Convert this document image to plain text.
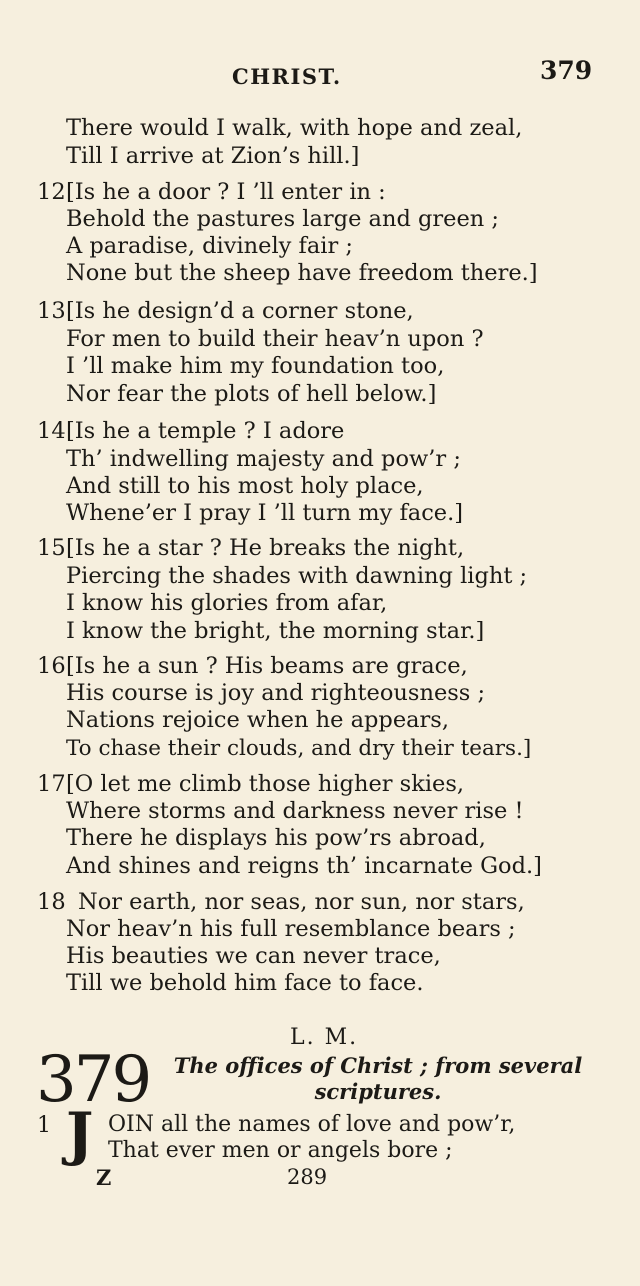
CHRIST.	379
There would I walk, with hope and zeal,
Till I arrive at Zion’s hill.]
12 [Is he a door ? I ’ll enter in :
Behold the pastures large and green ;
A paradise, divinely fair ;
None but the sheep have freedom there.]
13 [Is he design’d a corner stone,
For men to build their heav’n upon ?
I ’ll make him my foundation too,
Nor fear the plots of hell below.]
14 [Is he a temple ? I adore
Th’ indwelling majesty and pow’r ;
And still to his most holy place,
Whene’er I pray I ’ll turn my face.]
15 [Is he a star ? He breaks the night,
Piercing the shades with dawning light ;
I know his glories from afar,
I know the bright, the morning star.]
16 [Is he a sun ? His beams are grace,
His course is joy and righteousness ;
Nations rejoice when he appears,
To chase their clouds, and dry their tears.]
17 [O let me climb those higher skies,
Where storms and darkness never rise !
There he displays his pow’rs abroad,
And shines and reigns th’ incarnate God.]
18 Nor earth, nor seas, nor sun, nor stars,
Nor heav’n his full resemblance bears ;
His beauties we can never trace,
Till we behold him face to face.
L. M.
379	The offices of Christ ; from several
scriptures.
1 J OIN all the names of love and pow’r,
That ever men or angels bore ;
Z	289
